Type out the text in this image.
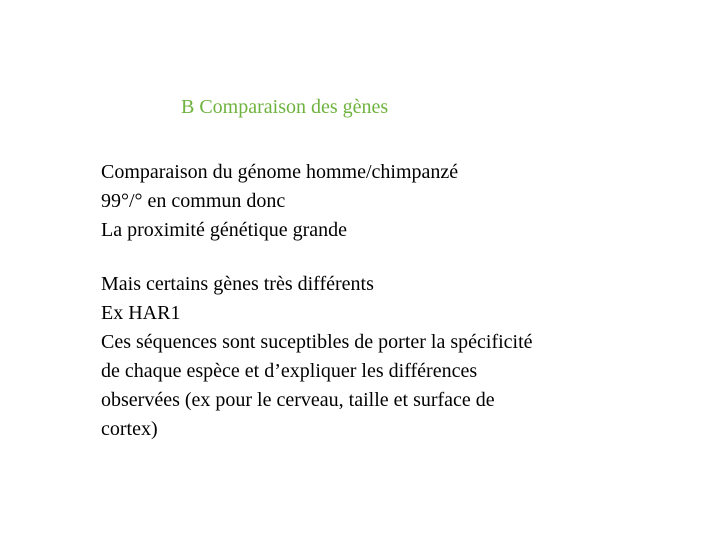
B Comparaison des gènes
Comparaison du génome homme/chimpanzé
99°/° en commun donc
La proximité génétique grande
Mais certains gènes très différents
Ex HAR1
Ces séquences sont suceptibles de porter la spécificité
de chaque espèce et d’expliquer les différences
observées (ex pour le cerveau, taille et surface de
cortex)
